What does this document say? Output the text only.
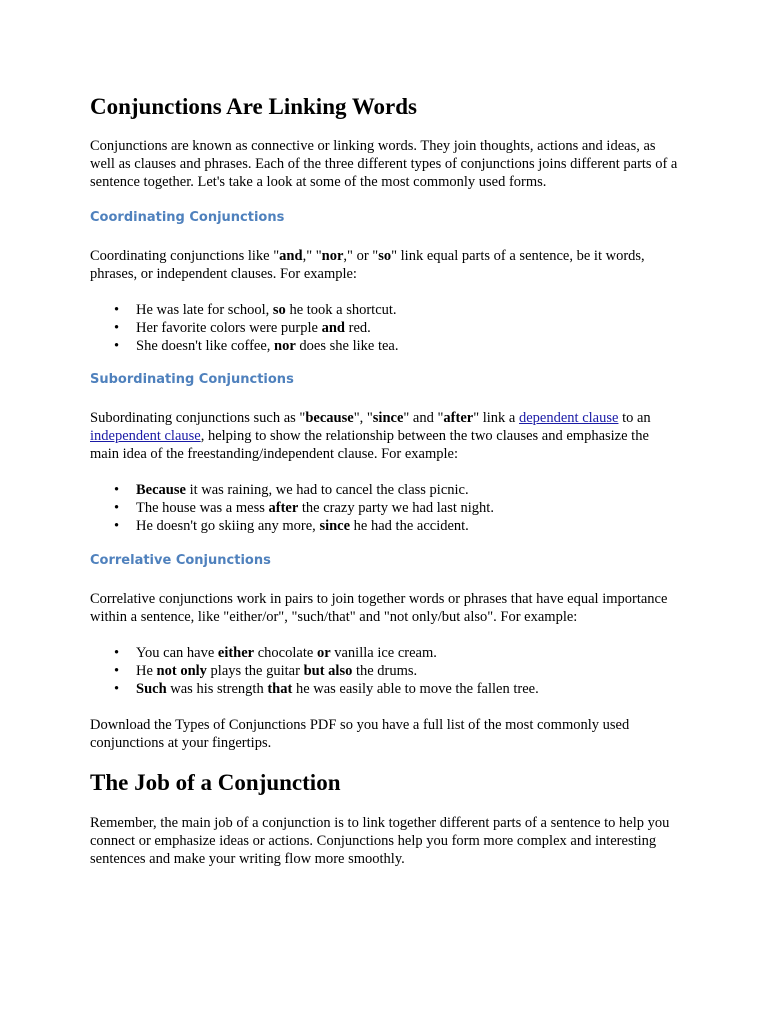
Conjunctions Are Linking Words

Conjunctions are known as connective or linking words. They join thoughts, actions and ideas, as well as clauses and phrases. Each of the three different types of conjunctions joins different parts of a sentence together. Let's take a look at some of the most commonly used forms.

Coordinating Conjunctions

Coordinating conjunctions like "and," "nor," or "so" link equal parts of a sentence, be it words, phrases, or independent clauses. For example:

• He was late for school, so he took a shortcut.
• Her favorite colors were purple and red.
• She doesn't like coffee, nor does she like tea.
Subordinating Conjunctions

Subordinating conjunctions such as "because", "since" and "after" link a dependent clause to an independent clause, helping to show the relationship between the two clauses and emphasize the main idea of the freestanding/independent clause. For example:

• Because it was raining, we had to cancel the class picnic.
• The house was a mess after the crazy party we had last night.
• He doesn't go skiing any more, since he had the accident.
Correlative Conjunctions

Correlative conjunctions work in pairs to join together words or phrases that have equal importance within a sentence, like "either/or", "such/that" and "not only/but also". For example:

• You can have either chocolate or vanilla ice cream.
• He not only plays the guitar but also the drums.
• Such was his strength that he was easily able to move the fallen tree.

Download the Types of Conjunctions PDF so you have a full list of the most commonly used conjunctions at your fingertips.

The Job of a Conjunction

Remember, the main job of a conjunction is to link together different parts of a sentence to help you connect or emphasize ideas or actions. Conjunctions help you form more complex and interesting sentences and make your writing flow more smoothly.
